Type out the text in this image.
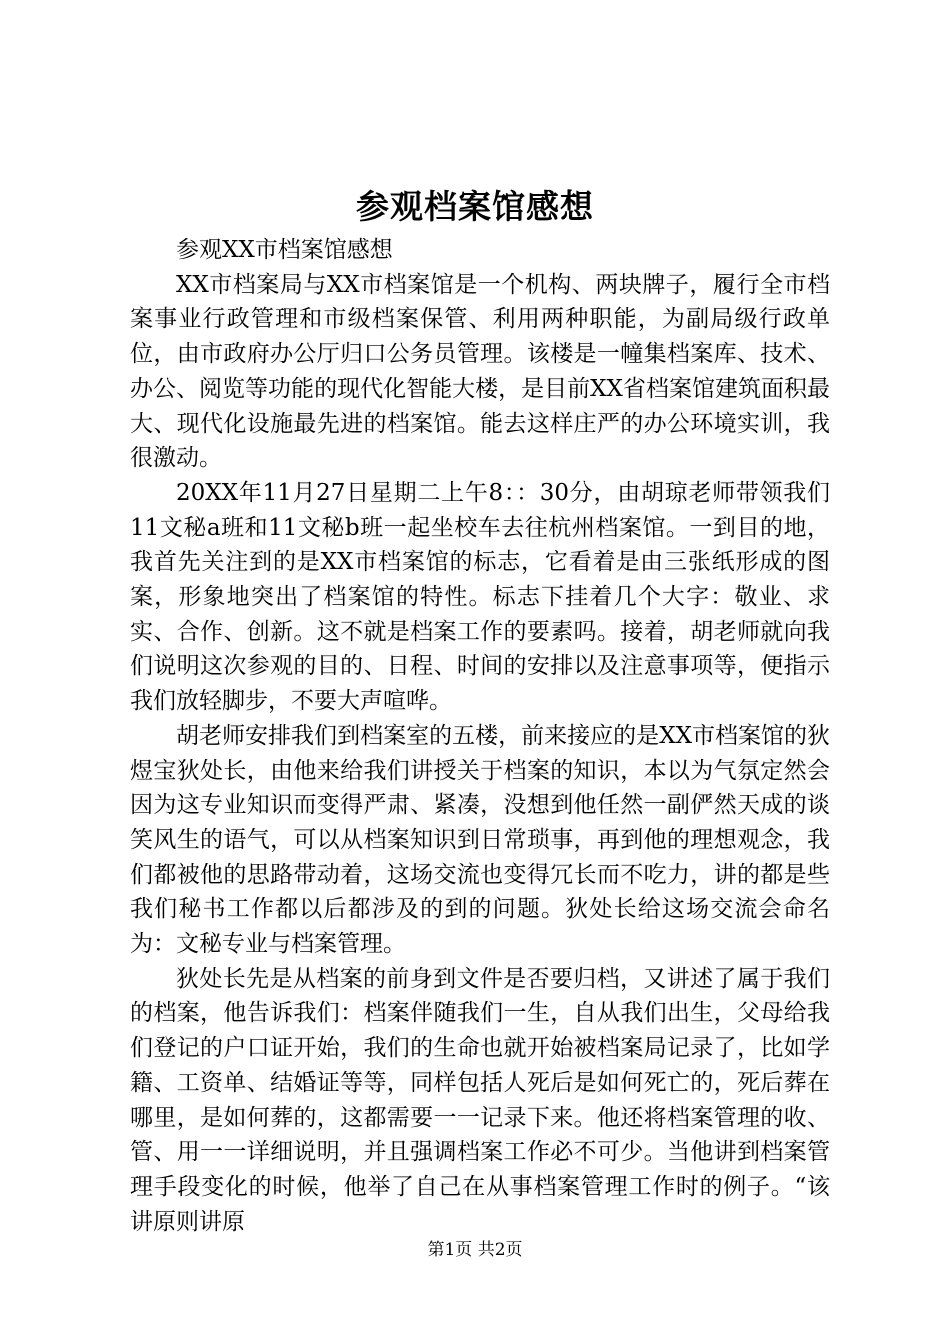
参观档案馆感想

参观XX市档案馆感想

XX市档案局与XX市档案馆是一个机构、两块牌子，履行全市档案事业行政管理和市级档案保管、利用两种职能，为副局级行政单位，由市政府办公厅归口公务员管理。该楼是一幢集档案库、技术、办公、阅览等功能的现代化智能大楼，是目前XX省档案馆建筑面积最大、现代化设施最先进的档案馆。能去这样庄严的办公环境实训，我很激动。

20XX年11月27日星期二上午8：：30分，由胡琼老师带领我们11文秘a班和11文秘b班一起坐校车去往杭州档案馆。一到目的地，我首先关注到的是XX市档案馆的标志，它看着是由三张纸形成的图案，形象地突出了档案馆的特性。标志下挂着几个大字：敬业、求实、合作、创新。这不就是档案工作的要素吗。接着，胡老师就向我们说明这次参观的目的、日程、时间的安排以及注意事项等，便指示我们放轻脚步，不要大声喧哗。

胡老师安排我们到档案室的五楼，前来接应的是XX市档案馆的狄煜宝狄处长，由他来给我们讲授关于档案的知识，本以为气氛定然会因为这专业知识而变得严肃、紧凑，没想到他任然一副俨然天成的谈笑风生的语气，可以从档案知识到日常琐事，再到他的理想观念，我们都被他的思路带动着，这场交流也变得冗长而不吃力，讲的都是些我们秘书工作都以后都涉及的到的问题。狄处长给这场交流会命名为：文秘专业与档案管理。

狄处长先是从档案的前身到文件是否要归档，又讲述了属于我们的档案，他告诉我们：档案伴随我们一生，自从我们出生，父母给我们登记的户口证开始，我们的生命也就开始被档案局记录了，比如学籍、工资单、结婚证等等，同样包括人死后是如何死亡的，死后葬在哪里，是如何葬的，这都需要一一记录下来。他还将档案管理的收、管、用一一详细说明，并且强调档案工作必不可少。当他讲到档案管理手段变化的时候，他举了自己在从事档案管理工作时的例子。“该讲原则讲原

第1页 共2页
